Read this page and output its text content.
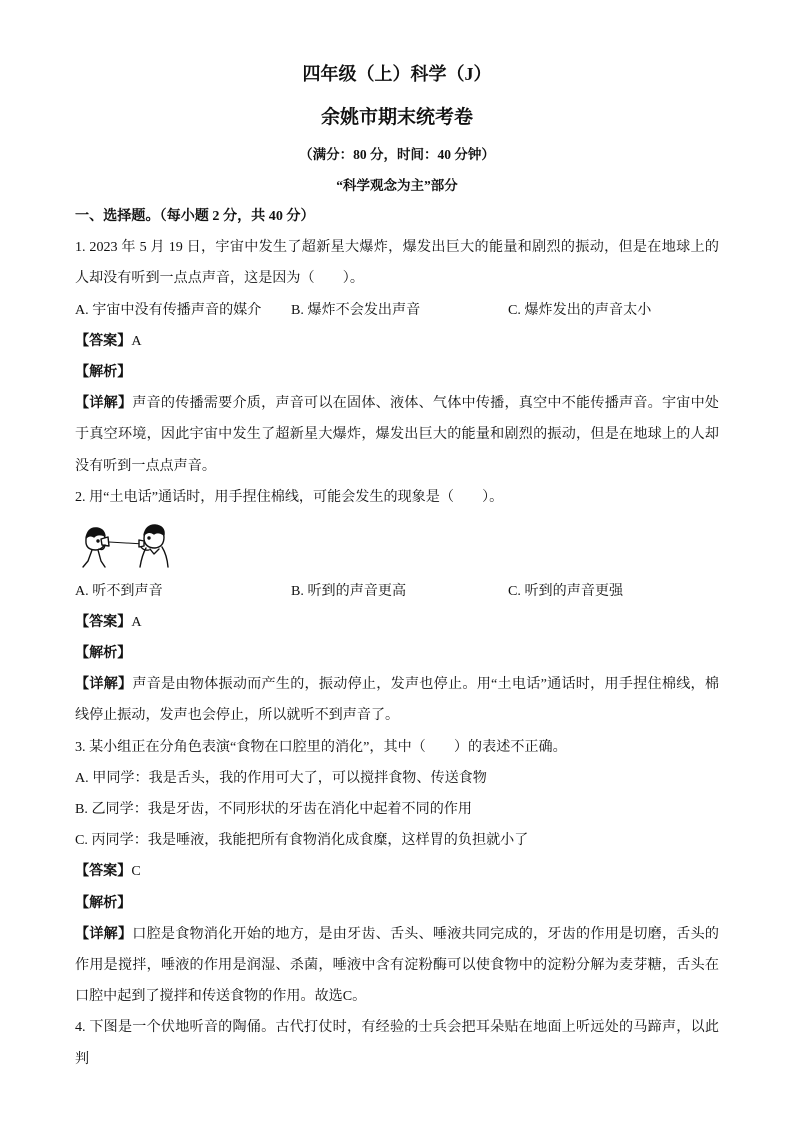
四年级（上）科学（J）
余姚市期末统考卷
（满分：80 分，时间：40 分钟）
“科学观念为主”部分

一、选择题。（每小题 2 分，共 40 分）

1. 2023 年 5 月 19 日，宇宙中发生了超新星大爆炸，爆发出巨大的能量和剧烈的振动，但是在地球上的人却没有听到一点点声音，这是因为（　　）。

A. 宇宙中没有传播声音的媒介	B. 爆炸不会发出声音	C. 爆炸发出的声音太小

【答案】A

【解析】

【详解】声音的传播需要介质，声音可以在固体、液体、气体中传播，真空中不能传播声音。宇宙中处于真空环境，因此宇宙中发生了超新星大爆炸，爆发出巨大的能量和剧烈的振动，但是在地球上的人却没有听到一点点声音。

2. 用“土电话”通话时，用手捏住棉线，可能会发生的现象是（　　）。

A. 听不到声音	B. 听到的声音更高	C. 听到的声音更强

【答案】A

【解析】

【详解】声音是由物体振动而产生的，振动停止，发声也停止。用“土电话”通话时，用手捏住棉线，棉线停止振动，发声也会停止，所以就听不到声音了。

3. 某小组正在分角色表演“食物在口腔里的消化”，其中（　　）的表述不正确。

A. 甲同学：我是舌头，我的作用可大了，可以搅拌食物、传送食物

B. 乙同学：我是牙齿，不同形状的牙齿在消化中起着不同的作用

C. 丙同学：我是唾液，我能把所有食物消化成食糜，这样胃的负担就小了

【答案】C

【解析】

【详解】口腔是食物消化开始的地方，是由牙齿、舌头、唾液共同完成的，牙齿的作用是切磨，舌头的作用是搅拌，唾液的作用是润湿、杀菌，唾液中含有淀粉酶可以使食物中的淀粉分解为麦芽糖，舌头在口腔中起到了搅拌和传送食物的作用。故选C。

4. 下图是一个伏地听音的陶俑。古代打仗时，有经验的士兵会把耳朵贴在地面上听远处的马蹄声，以此判
